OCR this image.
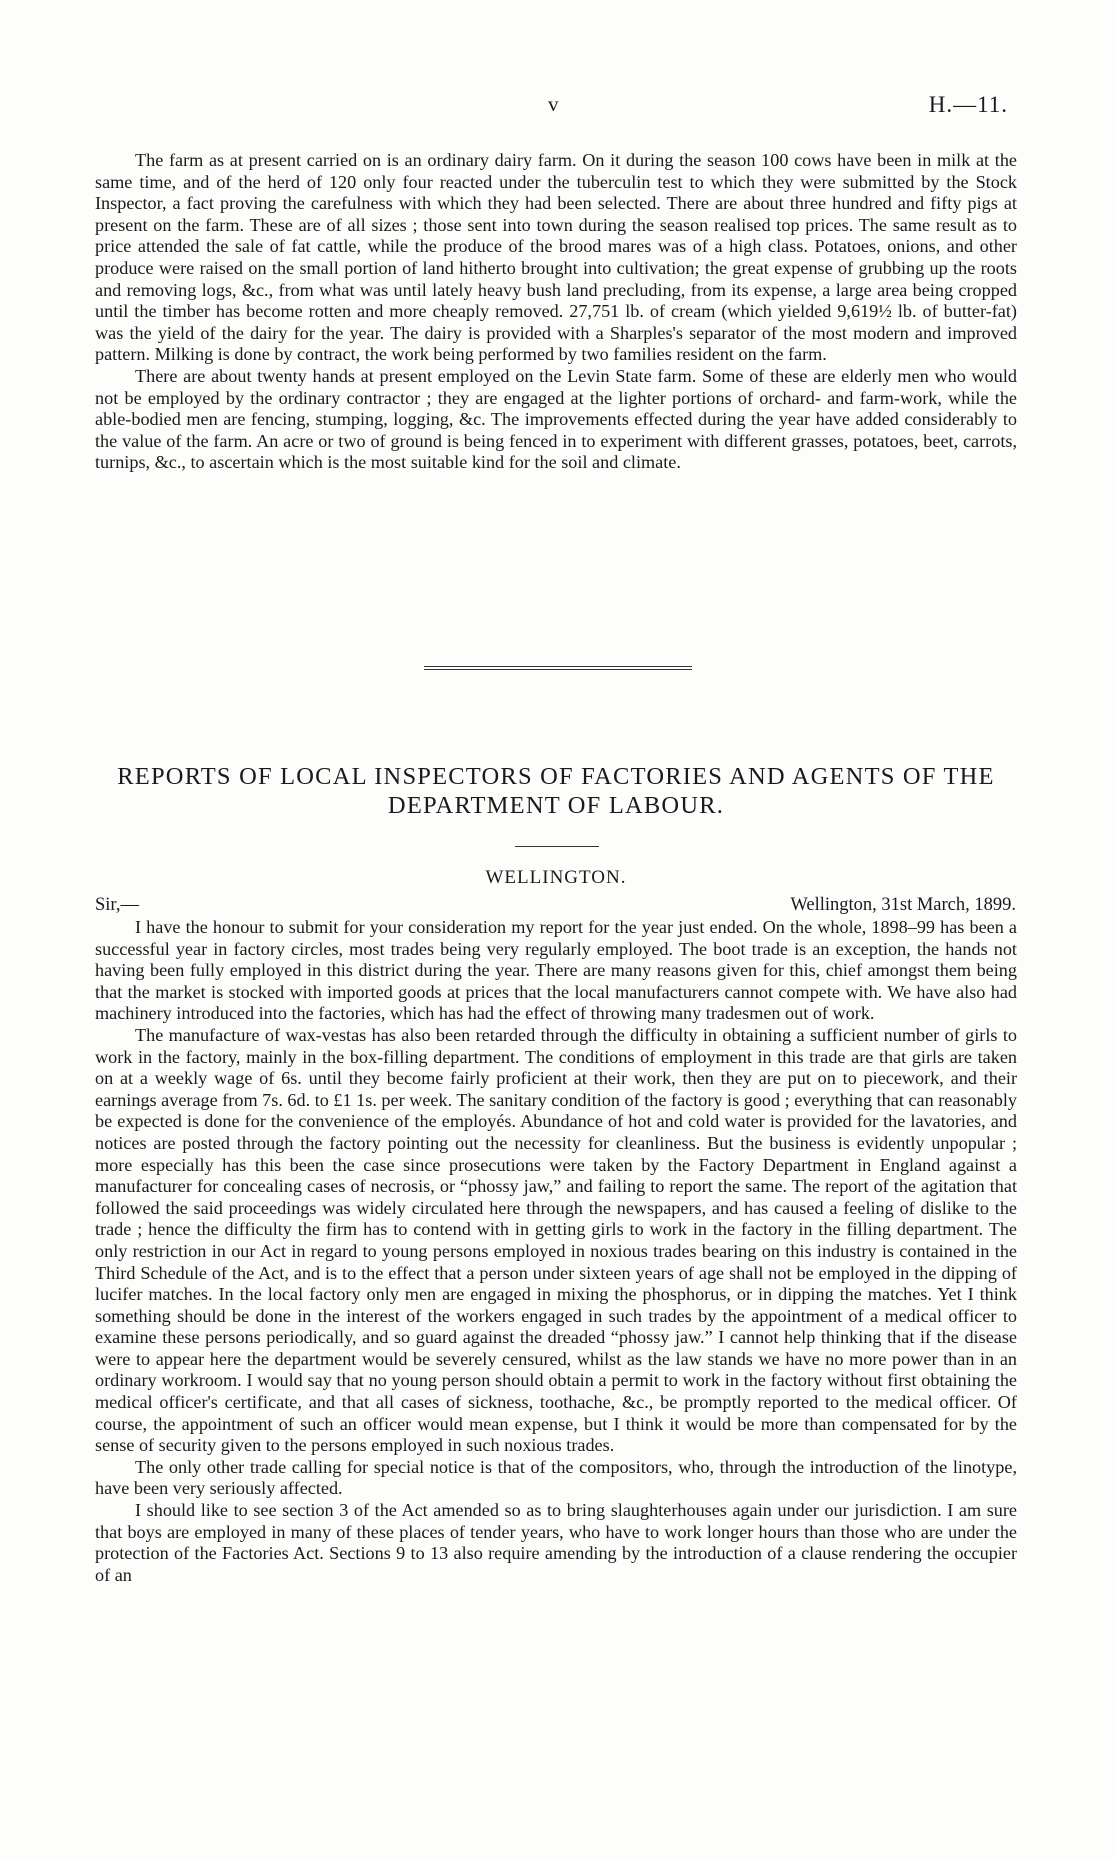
v	H.—11.

The farm as at present carried on is an ordinary dairy farm. On it during the season 100 cows have been in milk at the same time, and of the herd of 120 only four reacted under the tuberculin test to which they were submitted by the Stock Inspector, a fact proving the carefulness with which they had been selected. There are about three hundred and fifty pigs at present on the farm. These are of all sizes ; those sent into town during the season realised top prices. The same result as to price attended the sale of fat cattle, while the produce of the brood mares was of a high class. Potatoes, onions, and other produce were raised on the small portion of land hitherto brought into cultivation; the great expense of grubbing up the roots and removing logs, &c., from what was until lately heavy bush land precluding, from its expense, a large area being cropped until the timber has become rotten and more cheaply removed. 27,751 lb. of cream (which yielded 9,619½ lb. of butter-fat) was the yield of the dairy for the year. The dairy is provided with a Sharples's separator of the most modern and improved pattern. Milking is done by contract, the work being performed by two families resident on the farm.

There are about twenty hands at present employed on the Levin State farm. Some of these are elderly men who would not be employed by the ordinary contractor ; they are engaged at the lighter portions of orchard- and farm-work, while the able-bodied men are fencing, stumping, logging, &c. The improvements effected during the year have added considerably to the value of the farm. An acre or two of ground is being fenced in to experiment with different grasses, potatoes, beet, carrots, turnips, &c., to ascertain which is the most suitable kind for the soil and climate.

REPORTS OF LOCAL INSPECTORS OF FACTORIES AND AGENTS OF THE DEPARTMENT OF LABOUR.
WELLINGTON.
Sir,—	Wellington, 31st March, 1899.

I have the honour to submit for your consideration my report for the year just ended. On the whole, 1898–99 has been a successful year in factory circles, most trades being very regularly employed. The boot trade is an exception, the hands not having been fully employed in this district during the year. There are many reasons given for this, chief amongst them being that the market is stocked with imported goods at prices that the local manufacturers cannot compete with. We have also had machinery introduced into the factories, which has had the effect of throwing many tradesmen out of work.

The manufacture of wax-vestas has also been retarded through the difficulty in obtaining a sufficient number of girls to work in the factory, mainly in the box-filling department. The conditions of employment in this trade are that girls are taken on at a weekly wage of 6s. until they become fairly proficient at their work, then they are put on to piecework, and their earnings average from 7s. 6d. to £1 1s. per week. The sanitary condition of the factory is good ; everything that can reasonably be expected is done for the convenience of the employés. Abundance of hot and cold water is provided for the lavatories, and notices are posted through the factory pointing out the necessity for cleanliness. But the business is evidently unpopular ; more especially has this been the case since prosecutions were taken by the Factory Department in England against a manufacturer for concealing cases of necrosis, or “phossy jaw,” and failing to report the same. The report of the agitation that followed the said proceedings was widely circulated here through the newspapers, and has caused a feeling of dislike to the trade ; hence the difficulty the firm has to contend with in getting girls to work in the factory in the filling department. The only restriction in our Act in regard to young persons employed in noxious trades bearing on this industry is contained in the Third Schedule of the Act, and is to the effect that a person under sixteen years of age shall not be employed in the dipping of lucifer matches. In the local factory only men are engaged in mixing the phosphorus, or in dipping the matches. Yet I think something should be done in the interest of the workers engaged in such trades by the appointment of a medical officer to examine these persons periodically, and so guard against the dreaded “phossy jaw.” I cannot help thinking that if the disease were to appear here the department would be severely censured, whilst as the law stands we have no more power than in an ordinary workroom. I would say that no young person should obtain a permit to work in the factory without first obtaining the medical officer's certificate, and that all cases of sickness, toothache, &c., be promptly reported to the medical officer. Of course, the appointment of such an officer would mean expense, but I think it would be more than compensated for by the sense of security given to the persons employed in such noxious trades.

The only other trade calling for special notice is that of the compositors, who, through the introduction of the linotype, have been very seriously affected.

I should like to see section 3 of the Act amended so as to bring slaughterhouses again under our jurisdiction. I am sure that boys are employed in many of these places of tender years, who have to work longer hours than those who are under the protection of the Factories Act. Sections 9 to 13 also require amending by the introduction of a clause rendering the occupier of an
